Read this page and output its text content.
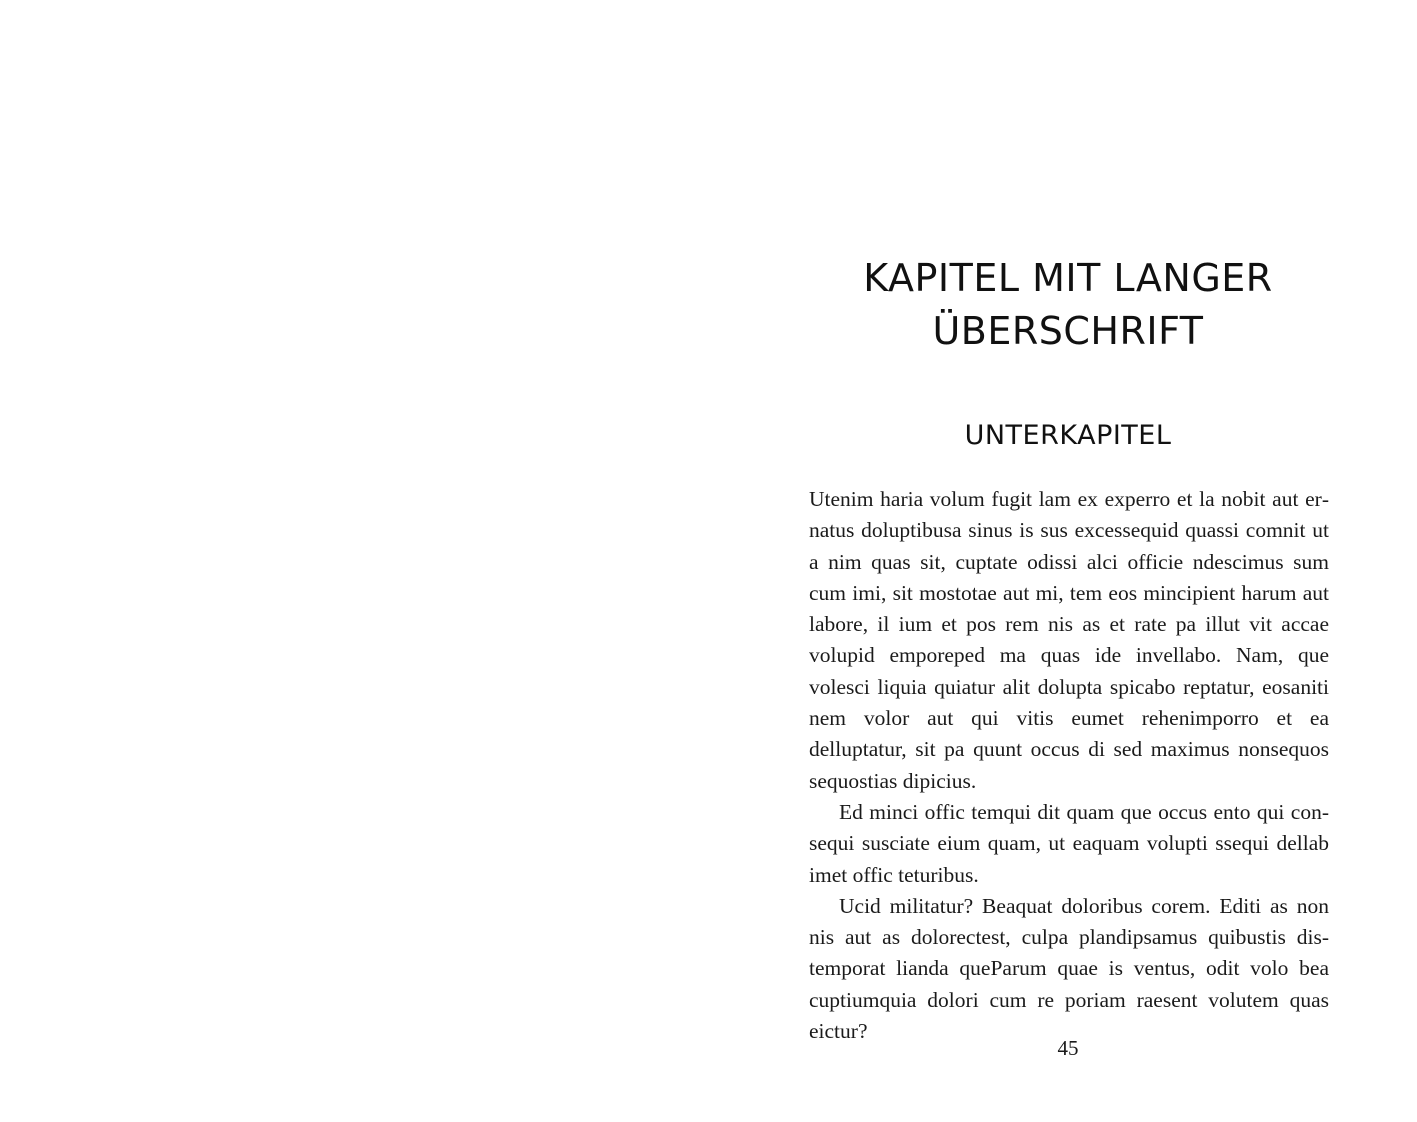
KAPITEL MIT LANGER
ÜBERSCHRIFT
UNTERKAPITEL

Utenim haria volum fugit lam ex experro et la nobit aut ernatus doluptibusa sinus is sus excessequid quassi comnit ut a nim quas sit, cuptate odissi alci officie ndescimus sum cum imi, sit mostotae aut mi, tem eos mincipient harum aut labore, il ium et pos rem nis as et rate pa illut vit accae volupid emporeped ma quas ide invellabo. Nam, que volesci liquia quiatur alit dolupta spicabo reptatur, eosaniti nem volor aut qui vitis eumet rehenimporro et ea delluptatur, sit pa quunt occus di sed maximus nonsequos sequostias dipicius.

Ed minci offic temqui dit quam que occus ento qui consequi susciate eium quam, ut eaquam volupti ssequi dellab imet offic teturibus.

Ucid militatur? Beaquat doloribus corem. Editi as non nis aut as dolorectest, culpa plandipsamus quibustis distemporat lianda queParum quae is ventus, odit volo bea cuptiumquia dolori cum re poriam raesent volutem quas eictur?

45
